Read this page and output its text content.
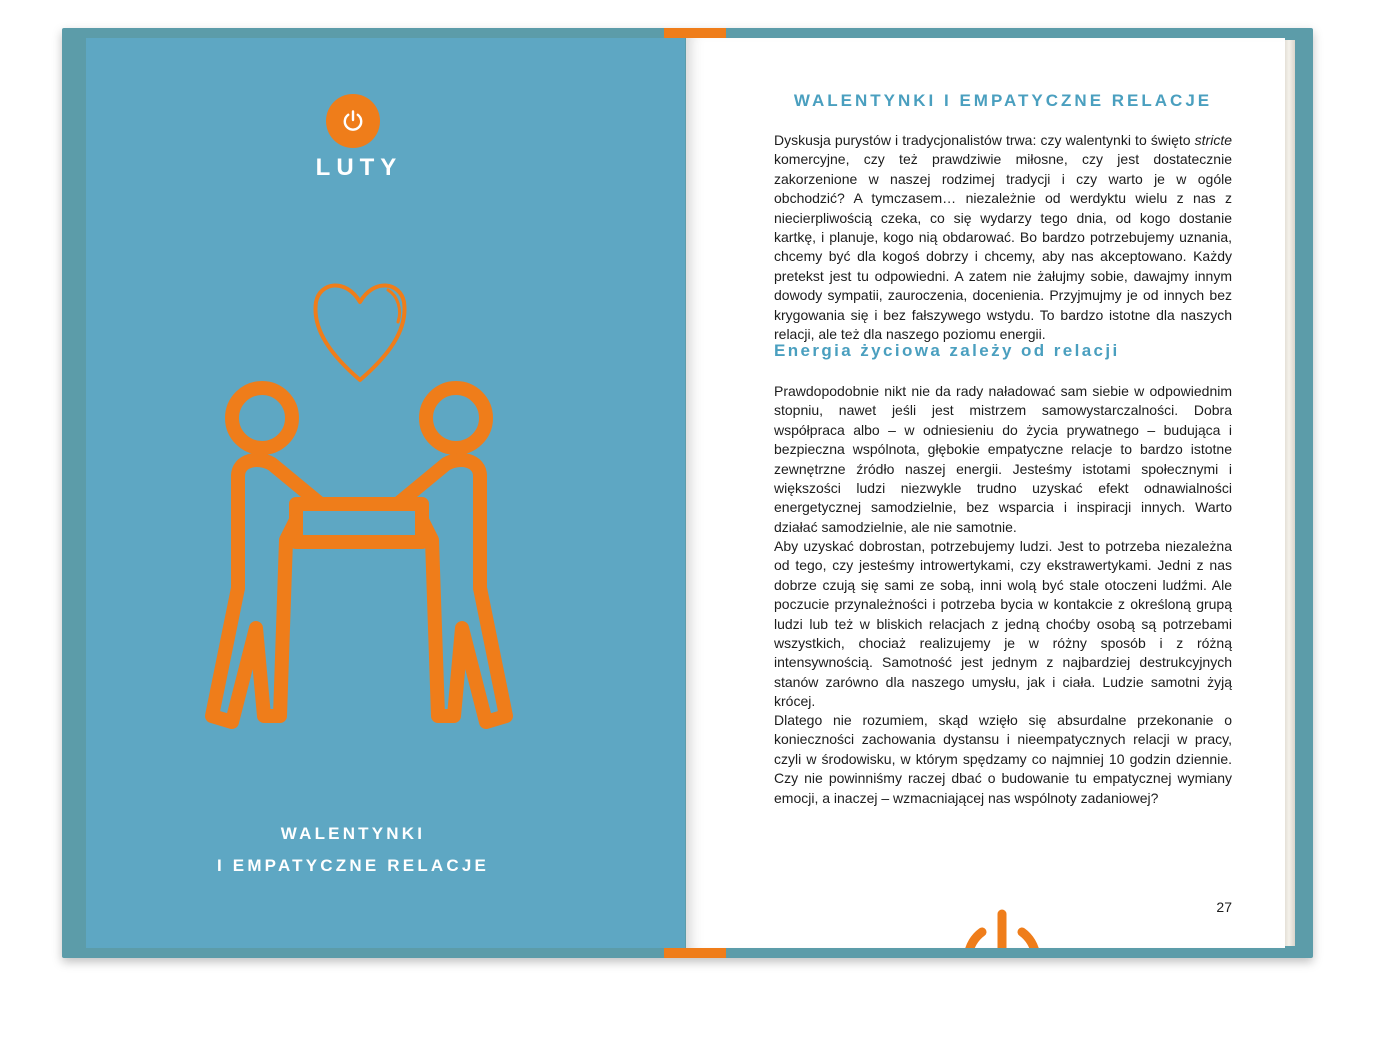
LUTY
WALENTYNKI
I EMPATYCZNE RELACJE
WALENTYNKI I EMPATYCZNE RELACJE

Dyskusja purystów i tradycjonalistów trwa: czy walentynki to święto stricte komercyjne, czy też prawdziwie miłosne, czy jest dostatecznie zakorzenione w naszej rodzimej tradycji i czy warto je w ogóle obchodzić? A tymczasem… niezależnie od werdyktu wielu z nas z niecierpliwością czeka, co się wydarzy tego dnia, od kogo dostanie kartkę, i planuje, kogo nią obdarować. Bo bardzo potrzebujemy uznania, chcemy być dla kogoś dobrzy i chcemy, aby nas akceptowano. Każdy pretekst jest tu odpowiedni. A zatem nie żałujmy sobie, dawajmy innym dowody sympatii, zauroczenia, docenienia. Przyjmujmy je od innych bez krygowania się i bez fałszywego wstydu. To bardzo istotne dla naszych relacji, ale też dla naszego poziomu energii.

Energia życiowa zależy od relacji

Prawdopodobnie nikt nie da rady naładować sam siebie w odpowiednim stopniu, nawet jeśli jest mistrzem samowystarczalności. Dobra współpraca albo – w odniesieniu do życia prywatnego – budująca i bezpieczna wspólnota, głębokie empatyczne relacje to bardzo istotne zewnętrzne źródło naszej energii. Jesteśmy istotami społecznymi i większości ludzi niezwykle trudno uzyskać efekt odnawialności energetycznej samodzielnie, bez wsparcia i inspiracji innych. Warto działać samodzielnie, ale nie samotnie.

Aby uzyskać dobrostan, potrzebujemy ludzi. Jest to potrzeba niezależna od tego, czy jesteśmy introwertykami, czy ekstrawertykami. Jedni z nas dobrze czują się sami ze sobą, inni wolą być stale otoczeni ludźmi. Ale poczucie przynależności i potrzeba bycia w kontakcie z określoną grupą ludzi lub też w bliskich relacjach z jedną choćby osobą są potrzebami wszystkich, chociaż realizujemy je w różny sposób i z różną intensywnością. Samotność jest jednym z najbardziej destrukcyjnych stanów zarówno dla naszego umysłu, jak i ciała. Ludzie samotni żyją krócej.

Dlatego nie rozumiem, skąd wzięło się absurdalne przekonanie o konieczności zachowania dystansu i nieempatycznych relacji w pracy, czyli w środowisku, w którym spędzamy co najmniej 10 godzin dziennie. Czy nie powinniśmy raczej dbać o budowanie tu empatycznej wymiany emocji, a inaczej – wzmacniającej nas wspólnoty zadaniowej?

27
